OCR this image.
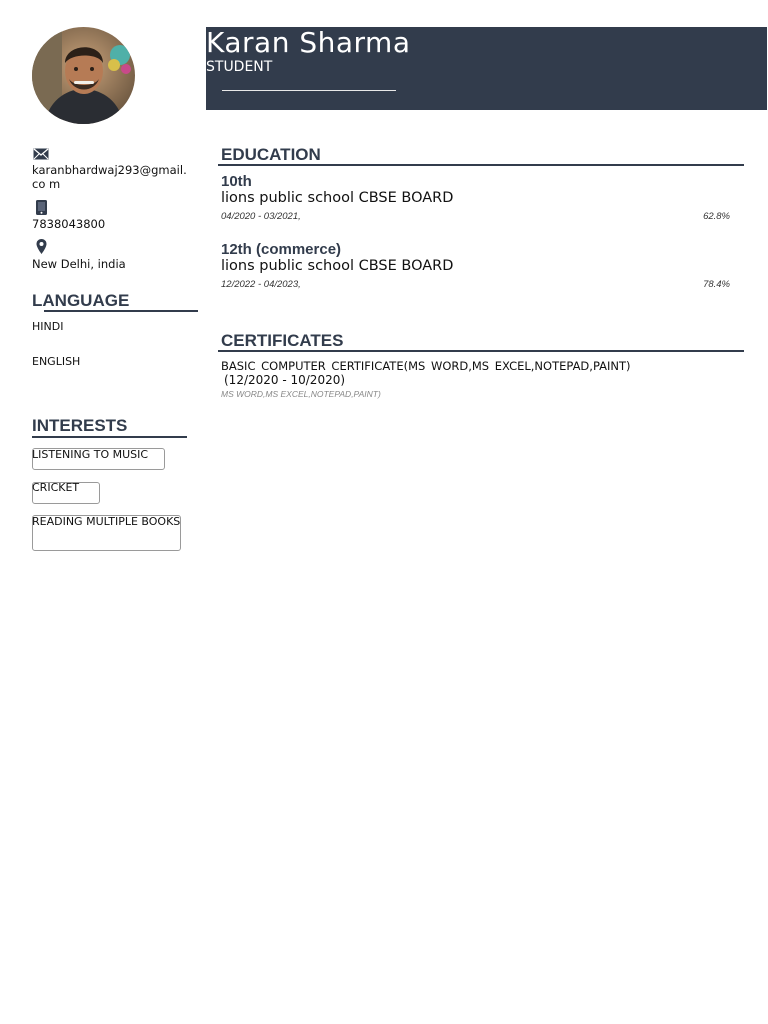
Karan Sharma
STUDENT
karanbhardwaj293@gmail.co m
7838043800
New Delhi, india
LANGUAGE
HINDI
ENGLISH
INTERESTS
LISTENING TO MUSIC
CRICKET
READING MULTIPLE BOOKS
EDUCATION
10th
lions public school CBSE BOARD
04/2020 - 03/2021,	62.8%
12th (commerce)
lions public school CBSE BOARD
12/2022 - 04/2023,	78.4%
CERTIFICATES
BASIC COMPUTER CERTIFICATE(MS WORD,MS EXCEL,NOTEPAD,PAINT)
(12/2020 - 10/2020)
MS WORD,MS EXCEL,NOTEPAD,PAINT)
